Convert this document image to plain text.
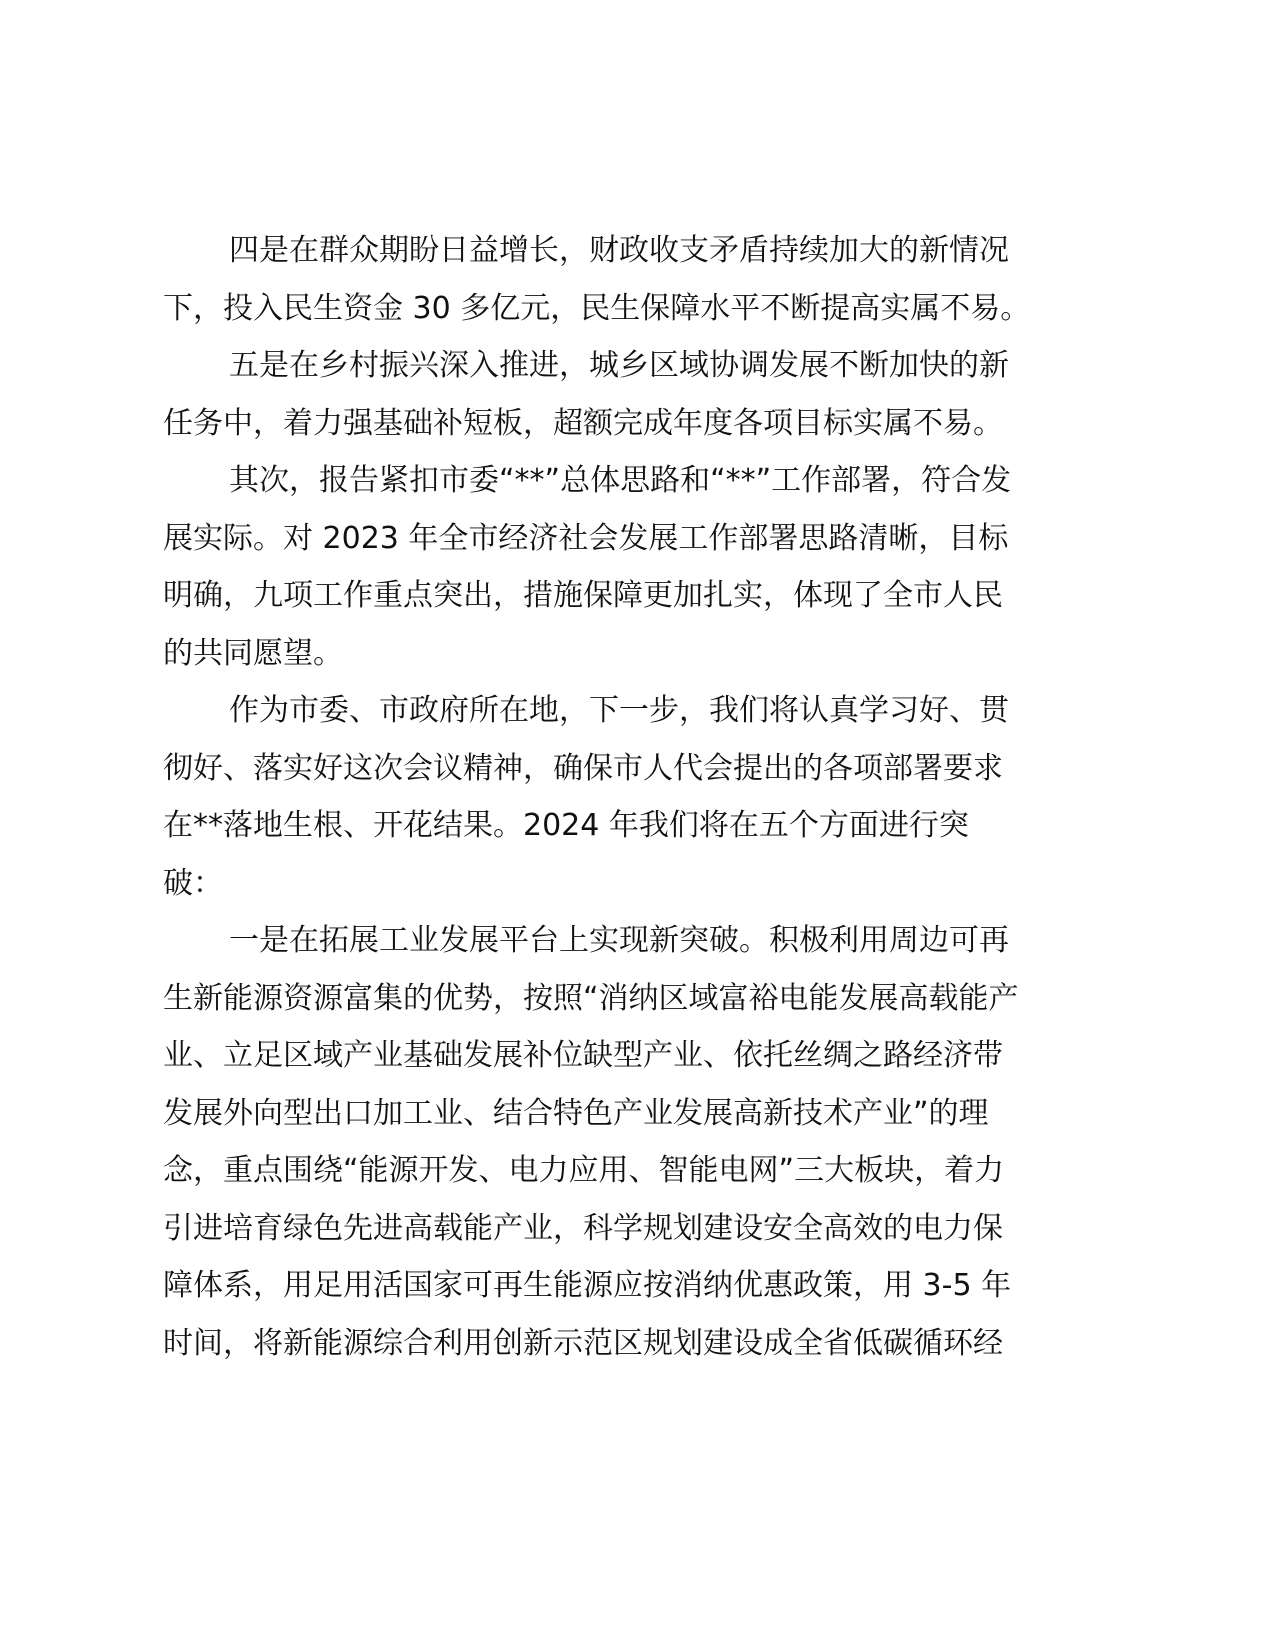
四是在群众期盼日益增长，财政收支矛盾持续加大的新情况
下，投入民生资金 30 多亿元，民生保障水平不断提高实属不易。
五是在乡村振兴深入推进，城乡区域协调发展不断加快的新
任务中，着力强基础补短板，超额完成年度各项目标实属不易。
其次，报告紧扣市委“**”总体思路和“**”工作部署，符合发
展实际。对 2023 年全市经济社会发展工作部署思路清晰，目标
明确，九项工作重点突出，措施保障更加扎实，体现了全市人民
的共同愿望。
作为市委、市政府所在地，下一步，我们将认真学习好、贯
彻好、落实好这次会议精神，确保市人代会提出的各项部署要求
在**落地生根、开花结果。2024 年我们将在五个方面进行突
破：
一是在拓展工业发展平台上实现新突破。积极利用周边可再
生新能源资源富集的优势，按照“消纳区域富裕电能发展高载能产
业、立足区域产业基础发展补位缺型产业、依托丝绸之路经济带
发展外向型出口加工业、结合特色产业发展高新技术产业”的理
念，重点围绕“能源开发、电力应用、智能电网”三大板块，着力
引进培育绿色先进高载能产业，科学规划建设安全高效的电力保
障体系，用足用活国家可再生能源应按消纳优惠政策，用 3-5 年
时间，将新能源综合利用创新示范区规划建设成全省低碳循环经
